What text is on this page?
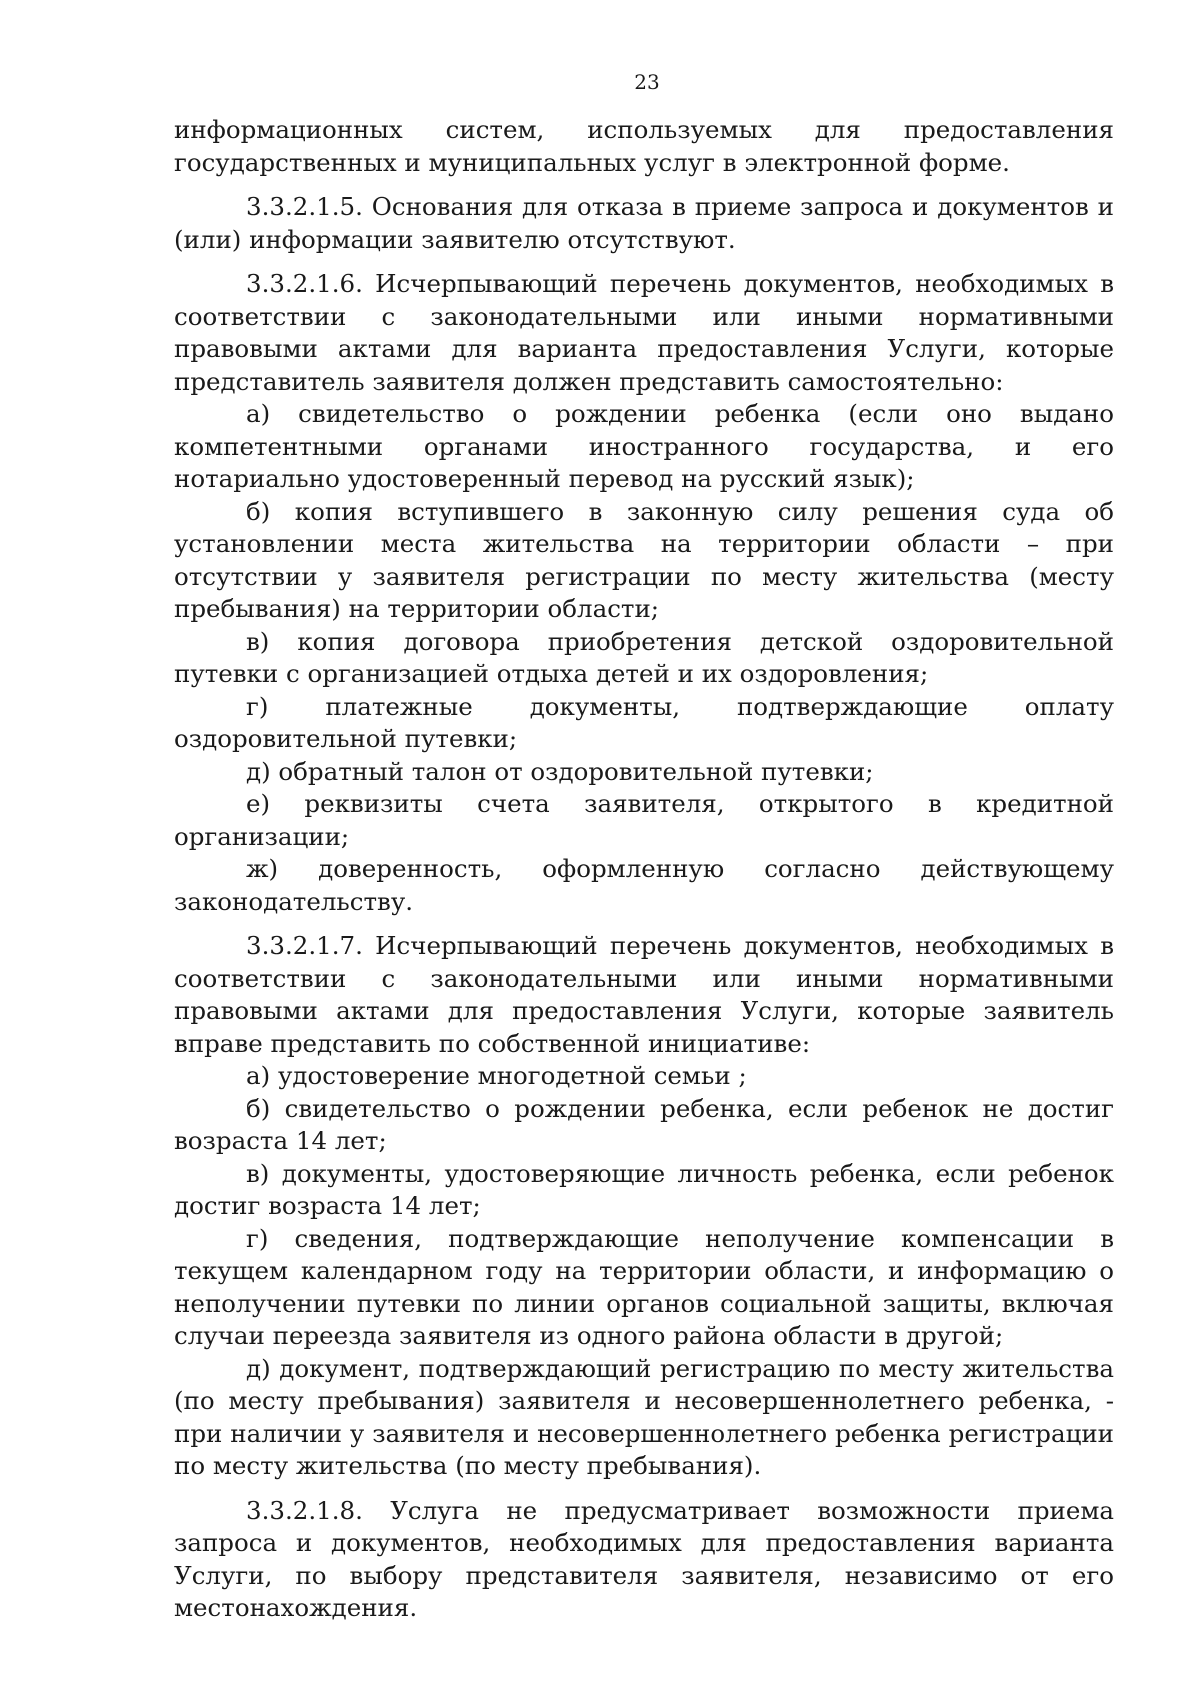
23

информационных систем, используемых для предоставления государственных и муниципальных услуг в электронной форме.

3.3.2.1.5. Основания для отказа в приеме запроса и документов и (или) информации заявителю отсутствуют.

3.3.2.1.6. Исчерпывающий перечень документов, необходимых в соответствии с законодательными или иными нормативными правовыми актами для варианта предоставления Услуги, которые представитель заявителя должен представить самостоятельно:

а) свидетельство о рождении ребенка (если оно выдано компетентными органами иностранного государства, и его нотариально удостоверенный перевод на русский язык);

б) копия вступившего в законную силу решения суда об установлении места жительства на территории области – при отсутствии у заявителя регистрации по месту жительства (месту пребывания) на территории области;

в) копия договора приобретения детской оздоровительной путевки с организацией отдыха детей и их оздоровления;

г) платежные документы, подтверждающие оплату оздоровительной путевки;

д) обратный талон от оздоровительной путевки;

е) реквизиты счета заявителя, открытого в кредитной организации;

ж) доверенность, оформленную согласно действующему законодательству.

3.3.2.1.7. Исчерпывающий перечень документов, необходимых в соответствии с законодательными или иными нормативными правовыми актами для предоставления Услуги, которые заявитель вправе представить по собственной инициативе:

а) удостоверение многодетной семьи ;

б) свидетельство о рождении ребенка, если ребенок не достиг возраста 14 лет;

в) документы, удостоверяющие личность ребенка, если ребенок достиг возраста 14 лет;

г) сведения, подтверждающие неполучение компенсации в текущем календарном году на территории области, и информацию о неполучении путевки по линии органов социальной защиты, включая случаи переезда заявителя из одного района области в другой;

д) документ, подтверждающий регистрацию по месту жительства (по месту пребывания) заявителя и несовершеннолетнего ребенка, - при наличии у заявителя и несовершеннолетнего ребенка регистрации по месту жительства (по месту пребывания).

3.3.2.1.8. Услуга не предусматривает возможности приема запроса и документов, необходимых для предоставления варианта Услуги, по выбору представителя заявителя, независимо от его местонахождения.
